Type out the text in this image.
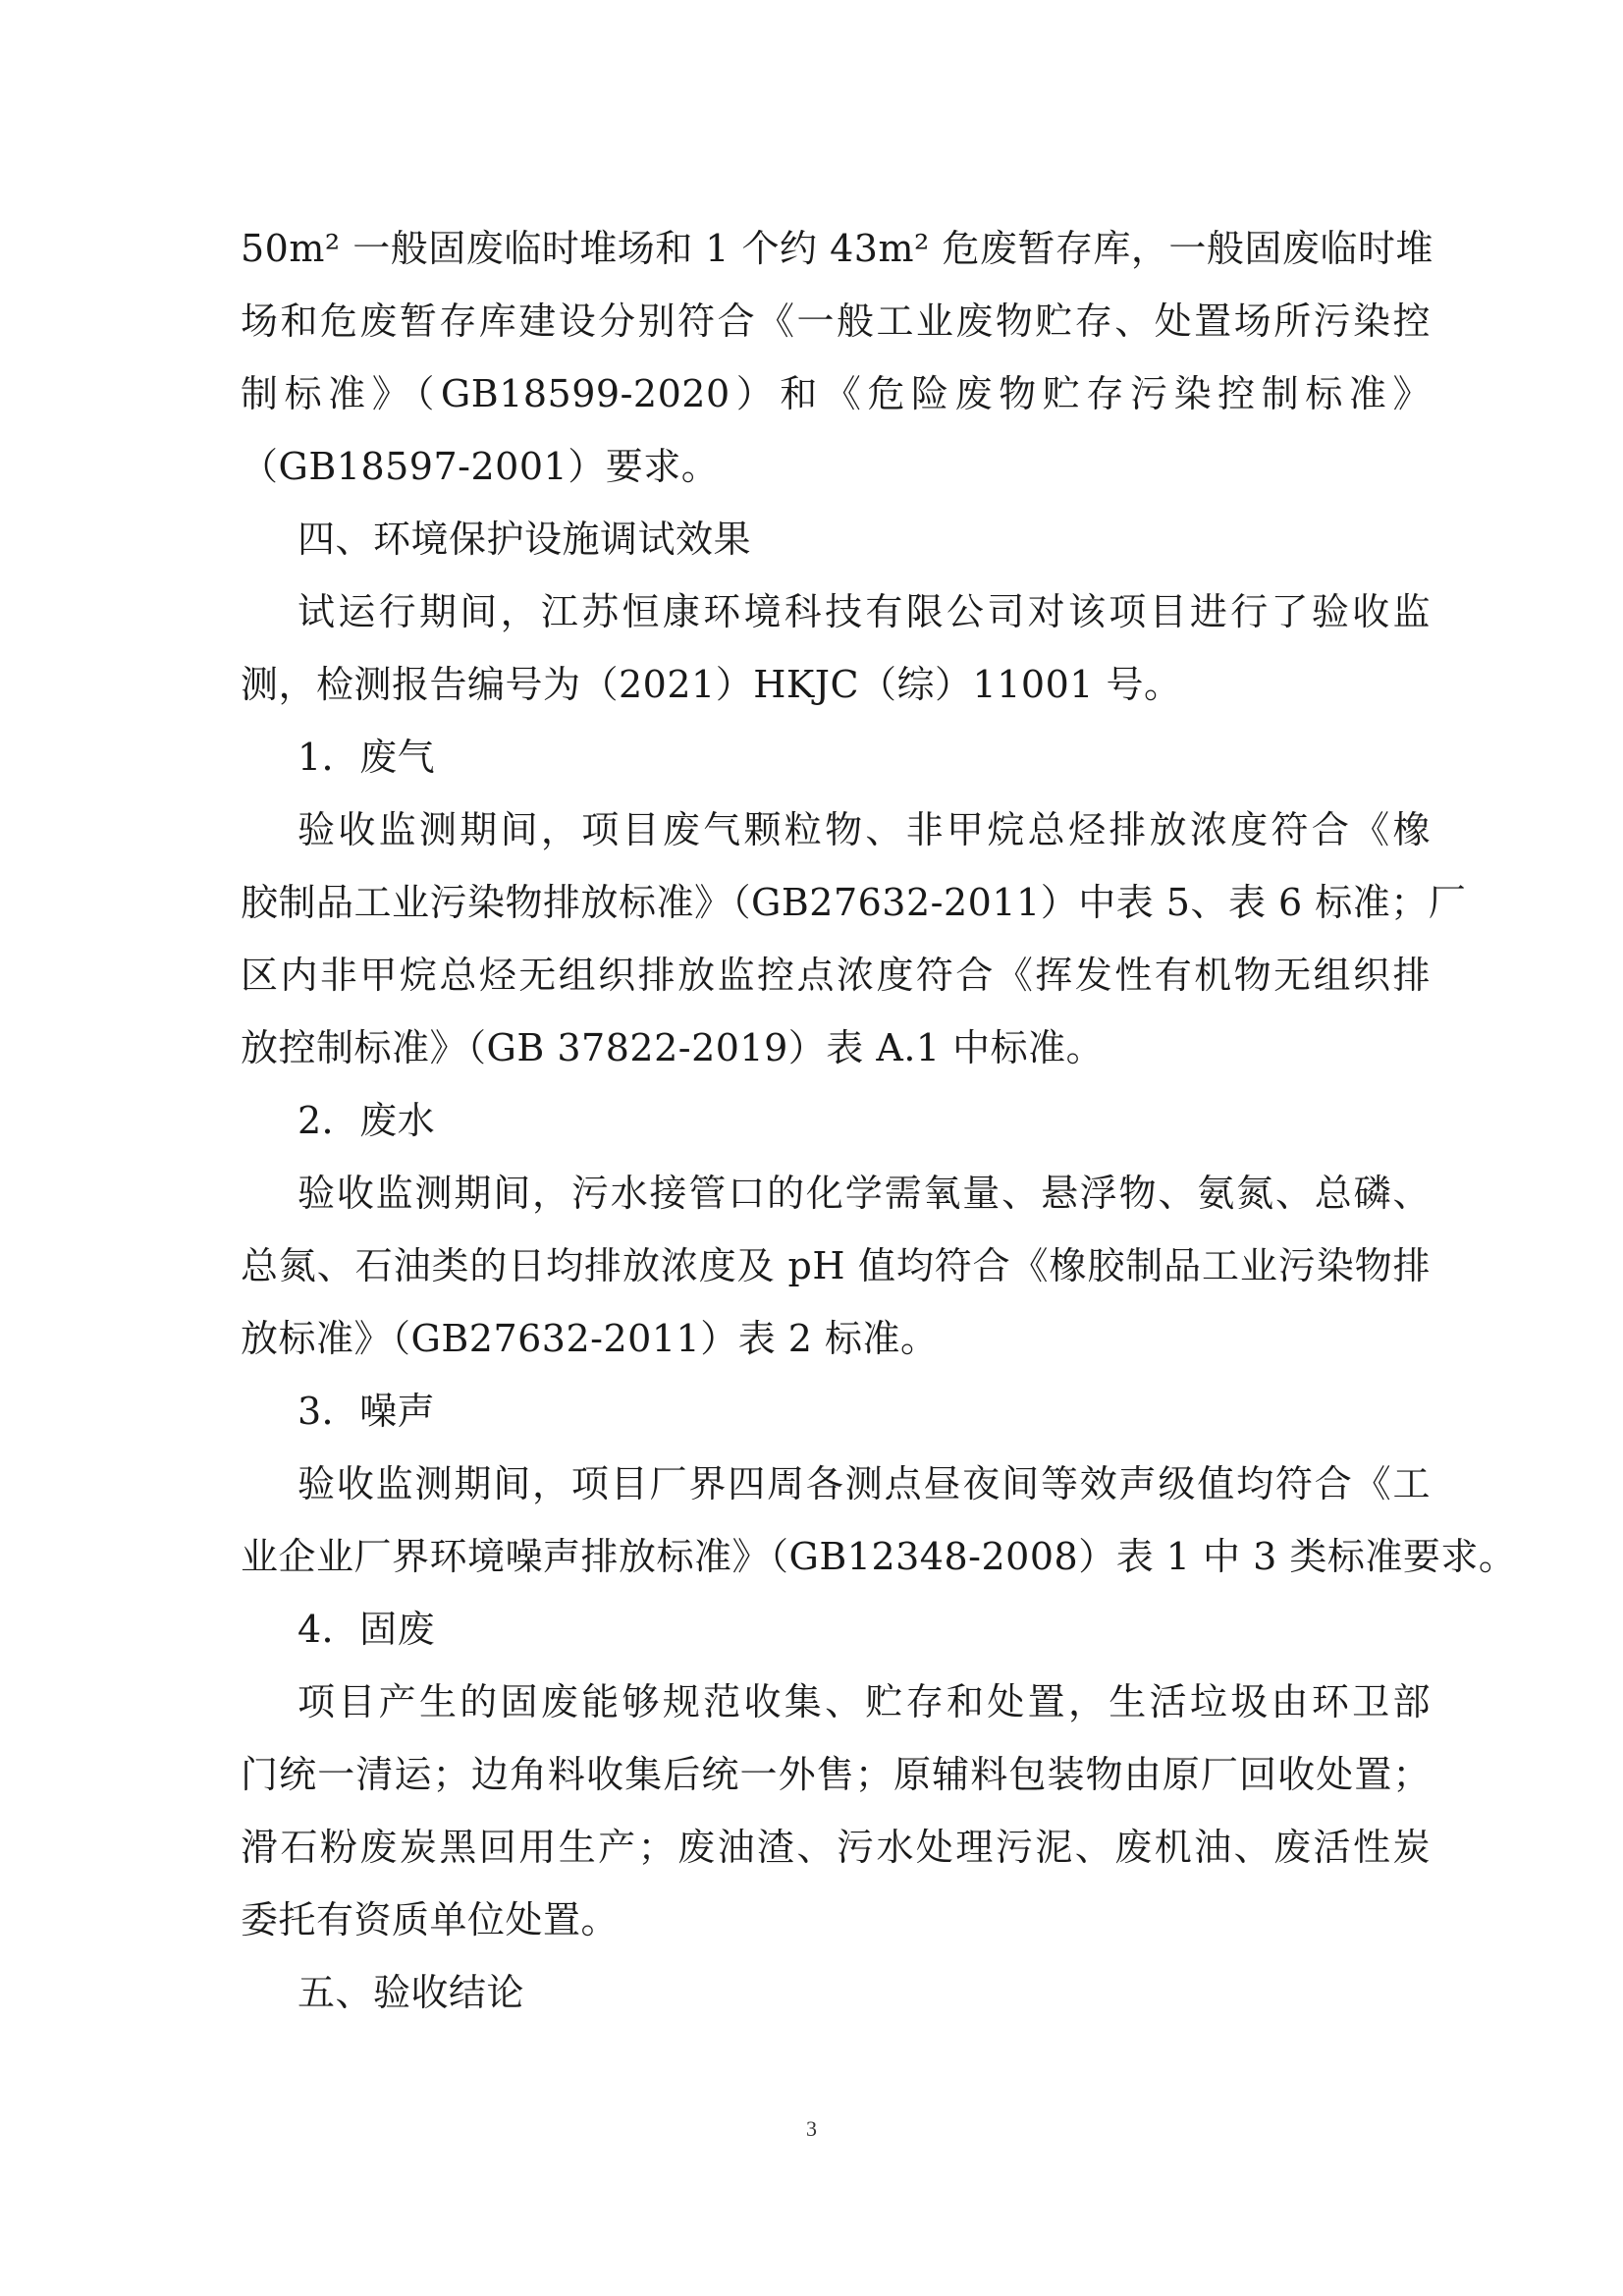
50m² 一般固废临时堆场和 1 个约 43m² 危废暂存库，一般固废临时堆
场和危废暂存库建设分别符合《一般工业废物贮存、处置场所污染控
制标准》（GB18599-2020）和《危险废物贮存污染控制标准》
（GB18597-2001）要求。
四、环境保护设施调试效果
试运行期间，江苏恒康环境科技有限公司对该项目进行了验收监
测，检测报告编号为（2021）HKJC（综）11001 号。
1．废气
验收监测期间，项目废气颗粒物、非甲烷总烃排放浓度符合《橡
胶制品工业污染物排放标准》（GB27632-2011）中表 5、表 6 标准；厂
区内非甲烷总烃无组织排放监控点浓度符合《挥发性有机物无组织排
放控制标准》（GB 37822-2019）表 A.1 中标准。
2．废水
验收监测期间，污水接管口的化学需氧量、悬浮物、氨氮、总磷、
总氮、石油类的日均排放浓度及 pH 值均符合《橡胶制品工业污染物排
放标准》（GB27632-2011）表 2 标准。
3．噪声
验收监测期间，项目厂界四周各测点昼夜间等效声级值均符合《工
业企业厂界环境噪声排放标准》（GB12348-2008）表 1 中 3 类标准要求。
4．固废
项目产生的固废能够规范收集、贮存和处置，生活垃圾由环卫部
门统一清运；边角料收集后统一外售；原辅料包装物由原厂回收处置；
滑石粉废炭黑回用生产；废油渣、污水处理污泥、废机油、废活性炭
委托有资质单位处置。
五、验收结论
3
